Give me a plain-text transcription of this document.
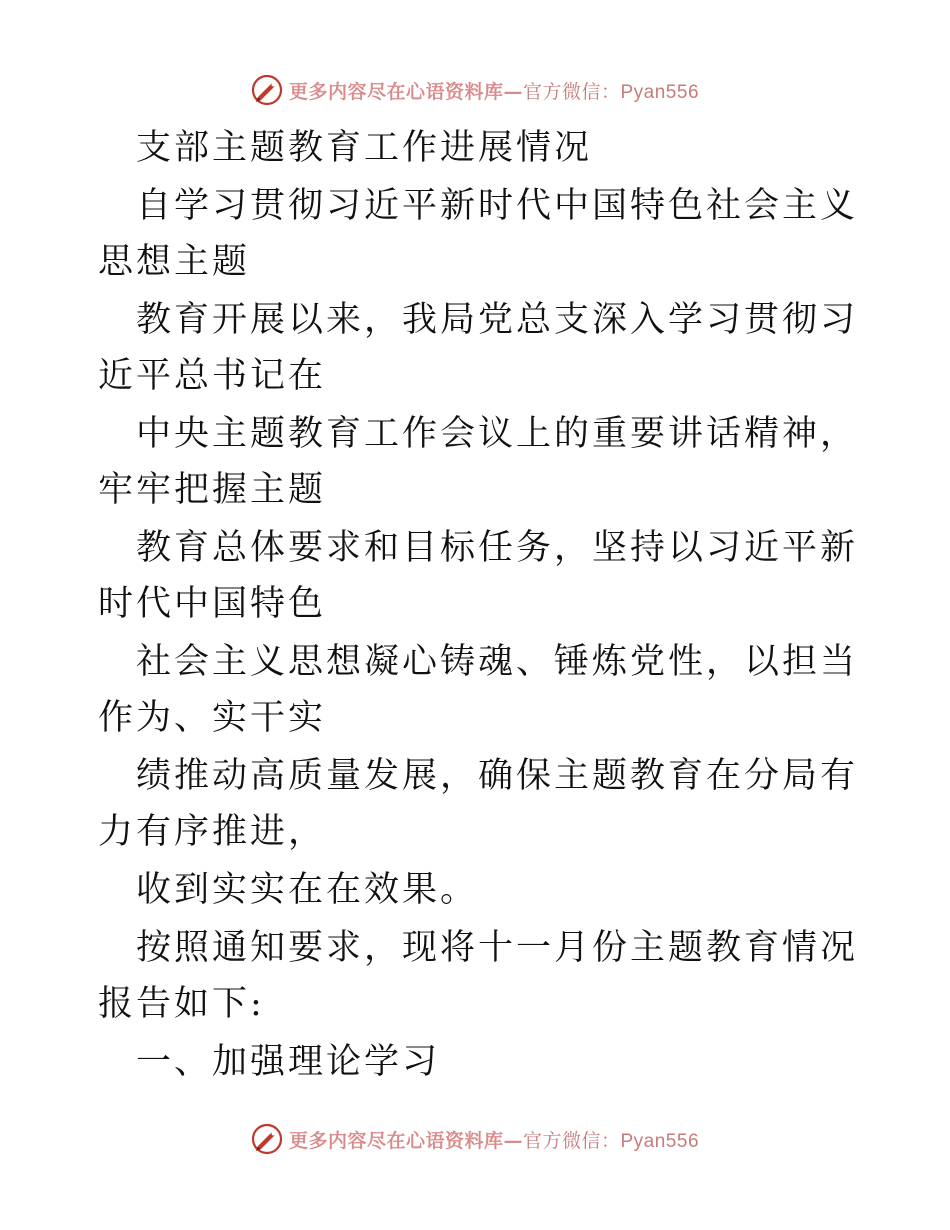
更多内容尽在心语资料库—官方微信：Pyan556

支部主题教育工作进展情况

自学习贯彻习近平新时代中国特色社会主义思想主题

教育开展以来，我局党总支深入学习贯彻习近平总书记在

中央主题教育工作会议上的重要讲话精神，牢牢把握主题

教育总体要求和目标任务，坚持以习近平新时代中国特色

社会主义思想凝心铸魂、锤炼党性，以担当作为、实干实

绩推动高质量发展，确保主题教育在分局有力有序推进，

收到实实在在效果。

按照通知要求，现将十一月份主题教育情况报告如下:

一、加强理论学习

更多内容尽在心语资料库—官方微信：Pyan556
